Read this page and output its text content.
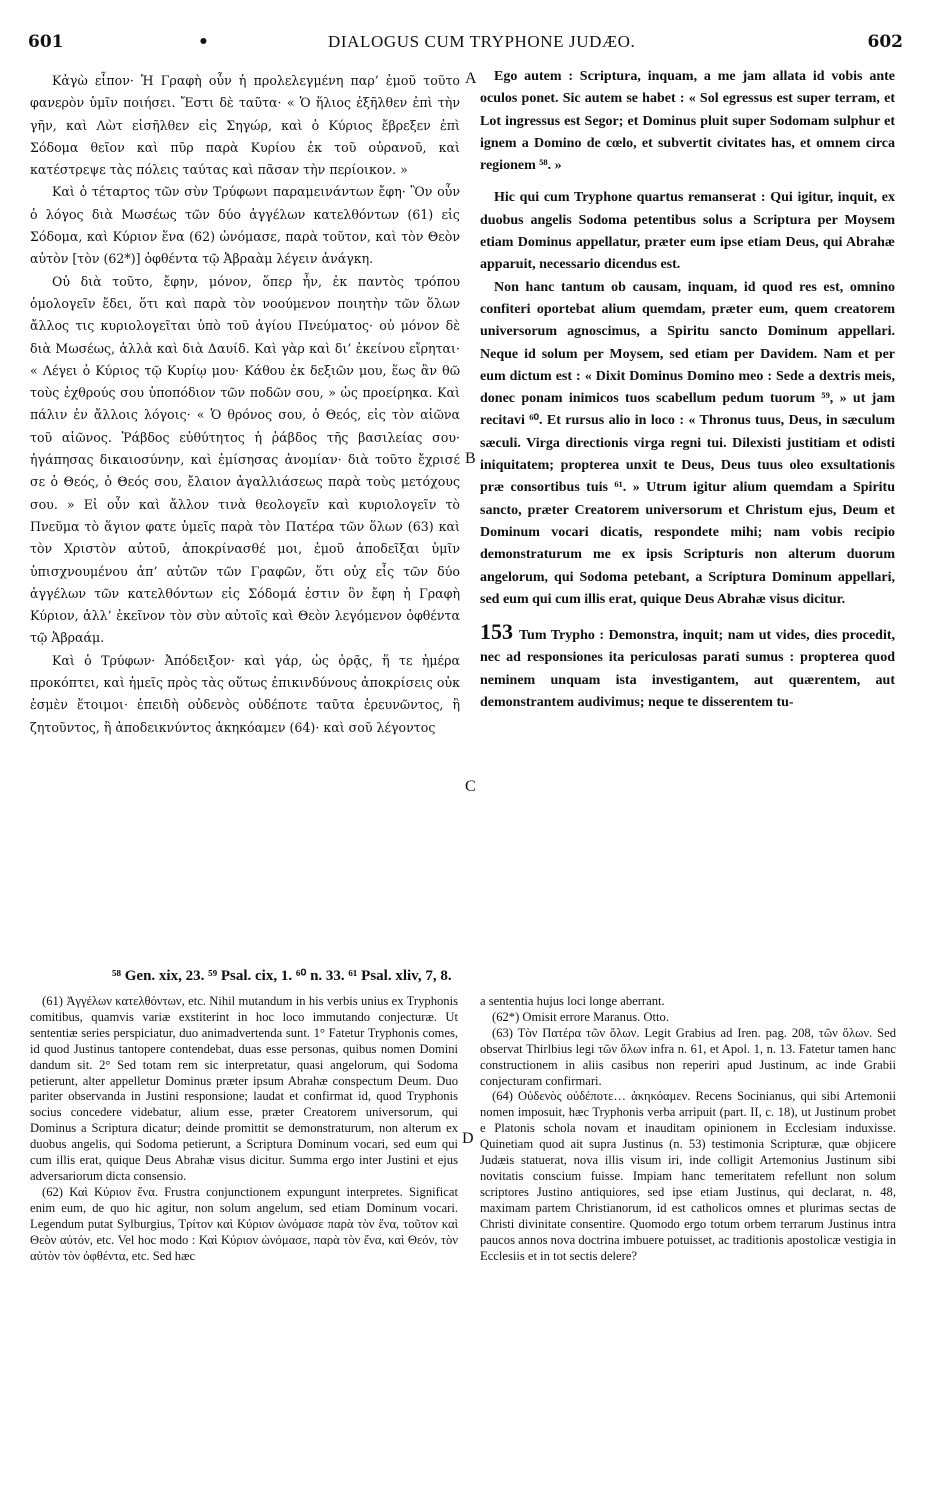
601	•	DIALOGUS CUM TRYPHONE JUDÆO.	602

Κἀγὼ εἶπον· Ἡ Γραφὴ οὖν ἡ προλελεγμένη παρ’ ἐμοῦ τοῦτο φανερὸν ὑμῖν ποιήσει. Ἔστι δὲ ταῦτα· « Ὁ ἥλιος ἐξῆλθεν ἐπὶ τὴν γῆν, καὶ Λὼτ εἰσῆλθεν εἰς Σηγώρ, καὶ ὁ Κύριος ἔβρεξεν ἐπὶ Σόδομα θεῖον καὶ πῦρ παρὰ Κυρίου ἐκ τοῦ οὐρανοῦ, καὶ κατέστρεψε τὰς πόλεις ταύτας καὶ πᾶσαν τὴν περίοικον. »

Καὶ ὁ τέταρτος τῶν σὺν Τρύφωνι παραμεινάντων ἔφη· Ὃν οὖν ὁ λόγος διὰ Μωσέως τῶν δύο ἀγγέλων κατελθόντων (61) εἰς Σόδομα, καὶ Κύριον ἕνα (62) ὠνόμασε, παρὰ τοῦτον, καὶ τὸν Θεὸν αὐτὸν [τὸν (62*)] ὀφθέντα τῷ Ἀβραὰμ λέγειν ἀνάγκη.

Οὐ διὰ τοῦτο, ἔφην, μόνον, ὅπερ ἦν, ἐκ παντὸς τρόπου ὁμολογεῖν ἔδει, ὅτι καὶ παρὰ τὸν νοούμενον ποιητὴν τῶν ὅλων ἄλλος τις κυριολογεῖται ὑπὸ τοῦ ἁγίου Πνεύματος· οὐ μόνον δὲ διὰ Μωσέως, ἀλλὰ καὶ διὰ Δαυίδ. Καὶ γὰρ καὶ δι’ ἐκείνου εἴρηται· « Λέγει ὁ Κύριος τῷ Κυρίῳ μου· Κάθου ἐκ δεξιῶν μου, ἕως ἂν θῶ τοὺς ἐχθρούς σου ὑποπόδιον τῶν ποδῶν σου, » ὡς προείρηκα. Καὶ πάλιν ἐν ἄλλοις λόγοις· « Ὁ θρόνος σου, ὁ Θεός, εἰς τὸν αἰῶνα τοῦ αἰῶνος. Ῥάβδος εὐθύτητος ἡ ῥάβδος τῆς βασιλείας σου· ἠγάπησας δικαιοσύνην, καὶ ἐμίσησας ἀνομίαν· διὰ τοῦτο ἔχρισέ σε ὁ Θεός, ὁ Θεός σου, ἔλαιον ἀγαλλιάσεως παρὰ τοὺς μετόχους σου. » Εἰ οὖν καὶ ἄλλον τινὰ θεολογεῖν καὶ κυριολογεῖν τὸ Πνεῦμα τὸ ἅγιον φατε ὑμεῖς παρὰ τὸν Πατέρα τῶν ὅλων (63) καὶ τὸν Χριστὸν αὐτοῦ, ἀποκρίνασθέ μοι, ἐμοῦ ἀποδεῖξαι ὑμῖν ὑπισχνουμένου ἀπ’ αὐτῶν τῶν Γραφῶν, ὅτι οὐχ εἷς τῶν δύο ἀγγέλων τῶν κατελθόντων εἰς Σόδομά ἐστιν ὃν ἔφη ἡ Γραφὴ Κύριον, ἀλλ’ ἐκεῖνον τὸν σὺν αὐτοῖς καὶ Θεὸν λεγόμενον ὀφθέντα τῷ Ἀβραάμ.

Καὶ ὁ Τρύφων· Ἀπόδειξον· καὶ γάρ, ὡς ὁρᾷς, ἥ τε ἡμέρα προκόπτει, καὶ ἡμεῖς πρὸς τὰς οὕτως ἐπικινδύνους ἀποκρίσεις οὐκ ἐσμὲν ἕτοιμοι· ἐπειδὴ οὐδενὸς οὐδέποτε ταῦτα ἐρευνῶντος, ἢ ζητοῦντος, ἢ ἀποδεικνύντος ἀκηκόαμεν (64)· καὶ σοῦ λέγοντος

A
B
C
D

Ego autem : Scriptura, inquam, a me jam allata id vobis ante oculos ponet. Sic autem se habet : « Sol egressus est super terram, et Lot ingressus est Segor; et Dominus pluit super Sodomam sulphur et ignem a Domino de cœlo, et subvertit civitates has, et omnem circa regionem ⁵⁸. »

Hic qui cum Tryphone quartus remanserat : Qui igitur, inquit, ex duobus angelis Sodoma petentibus solus a Scriptura per Moysem etiam Dominus appellatur, præter eum ipse etiam Deus, qui Abrahæ apparuit, necessario dicendus est.

Non hanc tantum ob causam, inquam, id quod res est, omnino confiteri oportebat alium quemdam, præter eum, quem creatorem universorum agnoscimus, a Spiritu sancto Dominum appellari. Neque id solum per Moysem, sed etiam per Davidem. Nam et per eum dictum est : « Dixit Dominus Domino meo : Sede a dextris meis, donec ponam inimicos tuos scabellum pedum tuorum ⁵⁹, » ut jam recitavi ⁶⁰. Et rursus alio in loco : « Thronus tuus, Deus, in sæculum sæculi. Virga directionis virga regni tui. Dilexisti justitiam et odisti iniquitatem; propterea unxit te Deus, Deus tuus oleo exsultationis præ consortibus tuis ⁶¹. » Utrum igitur alium quemdam a Spiritu sancto, præter Creatorem universorum et Christum ejus, Deum et Dominum vocari dicatis, respondete mihi; nam vobis recipio demonstraturum me ex ipsis Scripturis non alterum duorum angelorum, qui Sodoma petebant, a Scriptura Dominum appellari, sed eum qui cum illis erat, quique Deus Abrahæ visus dicitur.

153 Tum Trypho : Demonstra, inquit; nam ut vides, dies procedit, nec ad responsiones ita periculosas parati sumus : propterea quod neminem unquam ista investigantem, aut quærentem, aut demonstrantem audivimus; neque te disserentem tu-

⁵⁸ Gen. xix, 23. ⁵⁹ Psal. cix, 1. ⁶⁰ n. 33. ⁶¹ Psal. xliv, 7, 8.

(61) Ἀγγέλων κατελθόντων, etc. Nihil mutandum in his verbis unius ex Tryphonis comitibus, quamvis variæ exstiterint in hoc loco immutando conjecturæ. Ut sententiæ series perspiciatur, duo animadvertenda sunt. 1° Fatetur Tryphonis comes, id quod Justinus tantopere contendebat, duas esse personas, quibus nomen Domini dandum sit. 2° Sed totam rem sic interpretatur, quasi angelorum, qui Sodoma petierunt, alter appelletur Dominus præter ipsum Abrahæ conspectum Deum. Duo pariter observanda in Justini responsione; laudat et confirmat id, quod Tryphonis socius concedere videbatur, alium esse, præter Creatorem universorum, qui Dominus a Scriptura dicatur; deinde promittit se demonstraturum, non alterum ex duobus angelis, qui Sodoma petierunt, a Scriptura Dominum vocari, sed eum qui cum illis erat, quique Deus Abrahæ visus dicitur. Summa ergo inter Justini et ejus adversariorum dicta consensio.

(62) Καὶ Κύριον ἕνα. Frustra conjunctionem expungunt interpretes. Significat enim eum, de quo hic agitur, non solum angelum, sed etiam Dominum vocari. Legendum putat Sylburgius, Τρίτον καὶ Κύριον ὠνόμασε παρὰ τὸν ἕνα, τοῦτον καὶ Θεὸν αὐτόν, etc. Vel hoc modo : Καὶ Κύριον ὠνόμασε, παρὰ τὸν ἕνα, καὶ Θεόν, τὸν αὐτὸν τὸν ὀφθέντα, etc. Sed hæc

a sententia hujus loci longe aberrant.

(62*) Omisit errore Maranus. Otto.

(63) Τὸν Πατέρα τῶν ὅλων. Legit Grabius ad Iren. pag. 208, τῶν ὅλων. Sed observat Thirlbius legi τῶν ὅλων infra n. 61, et Apol. 1, n. 13. Fatetur tamen hanc constructionem in aliis casibus non reperiri apud Justinum, ac inde Grabii conjecturam confirmari.

(64) Οὐδενὸς οὐδέποτε… ἀκηκόαμεν. Recens Socinianus, qui sibi Artemonii nomen imposuit, hæc Tryphonis verba arripuit (part. II, c. 18), ut Justinum probet e Platonis schola novam et inauditam opinionem in Ecclesiam induxisse. Quinetiam quod ait supra Justinus (n. 53) testimonia Scripturæ, quæ objicere Judæis statuerat, nova illis visum iri, inde colligit Artemonius Justinum sibi novitatis conscium fuisse. Impiam hanc temeritatem refellunt non solum scriptores Justino antiquiores, sed ipse etiam Justinus, qui declarat, n. 48, maximam partem Christianorum, id est catholicos omnes et plurimas sectas de Christi divinitate consentire. Quomodo ergo totum orbem terrarum Justinus intra paucos annos nova doctrina imbuere potuisset, ac traditionis apostolicæ vestigia in Ecclesiis et in tot sectis delere?
